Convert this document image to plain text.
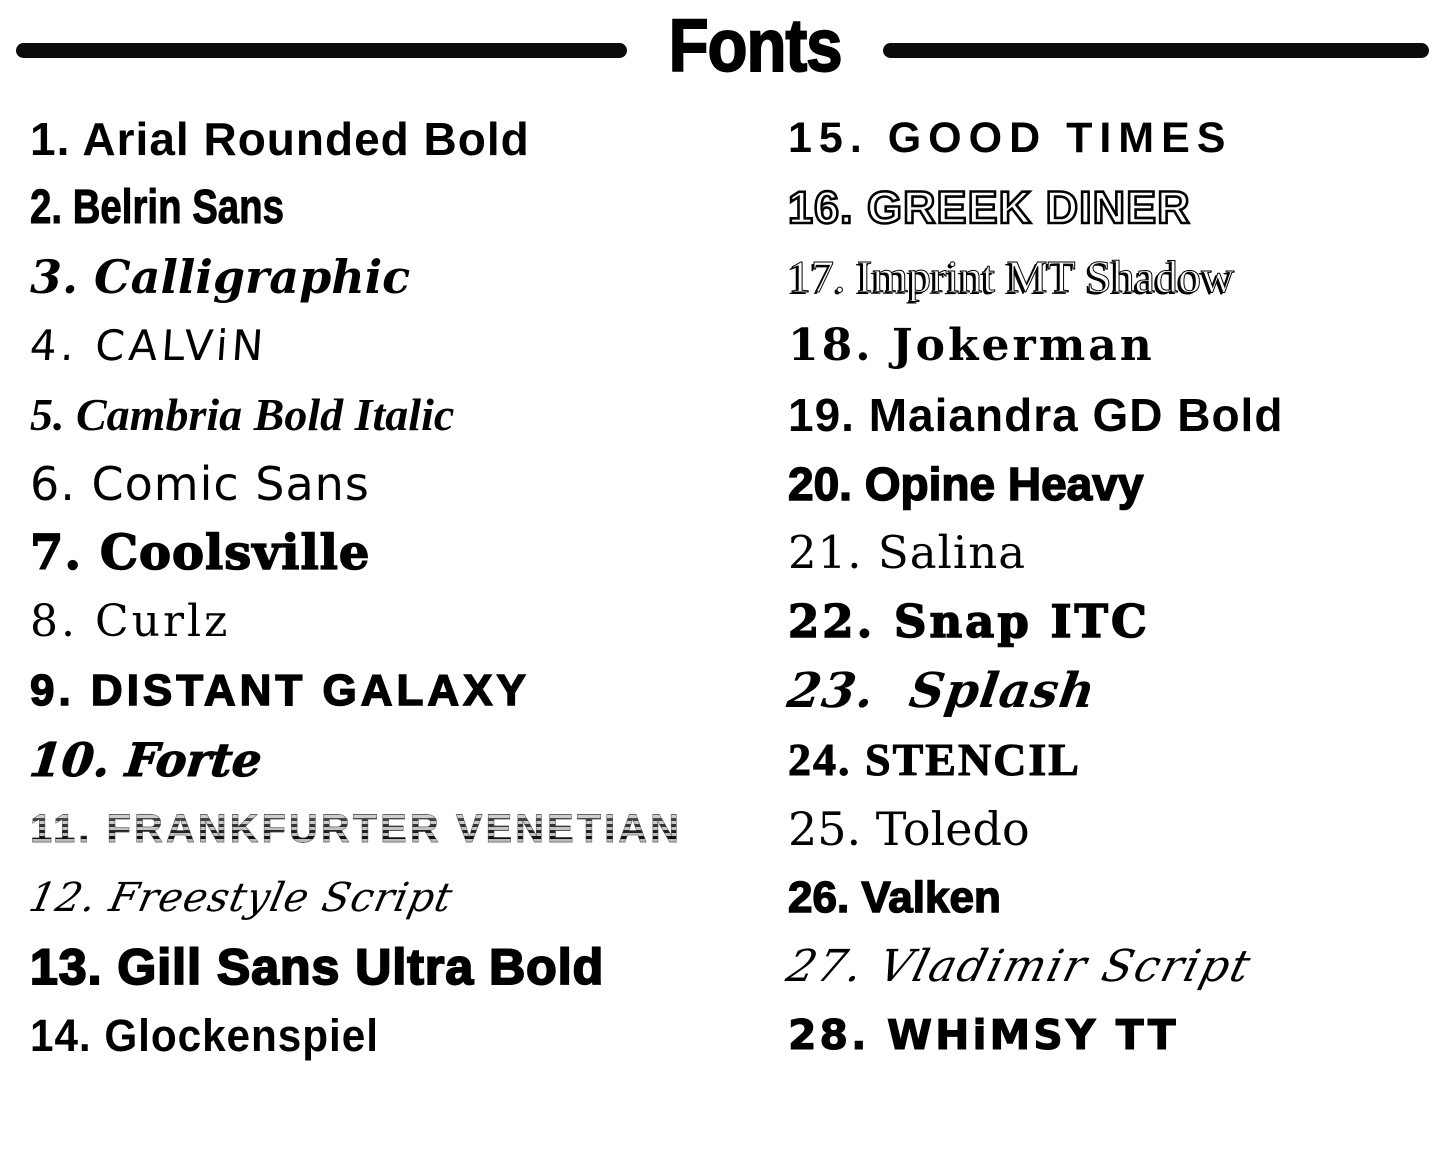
Fonts
1. Arial Rounded Bold
2. Belrin Sans
3. Calligraphic
4. CALViN
5. Cambria Bold Italic
6. Comic Sans
7. Coolsville
8. Curlz
9. DISTANT GALAXY
10. Forte
11. FRANKFURTER VENETIAN
12. Freestyle Script
13. Gill Sans Ultra Bold
14. Glockenspiel
15. GOOD TIMES
16. GREEK DINER
17. Imprint MT Shadow
18. Jokerman
19. Maiandra GD Bold
20. Opine Heavy
21. Salina
22. Snap ITC
23.  Splash
24. STENCIL
25. Toledo
26. Valken
27. Vladimir Script
28. WHiMSY TT
